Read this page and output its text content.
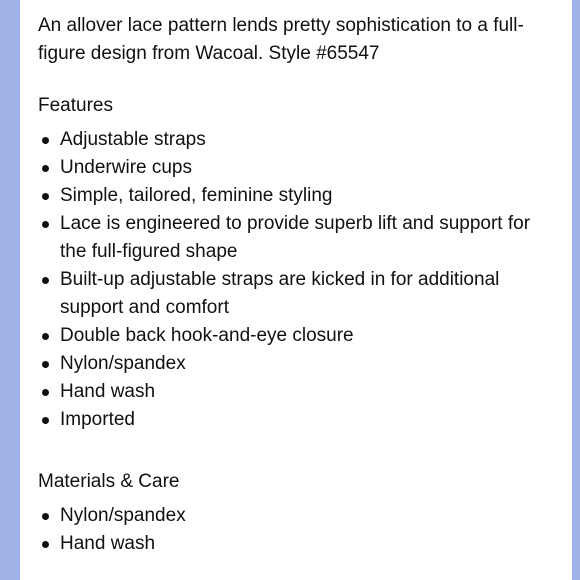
An allover lace pattern lends pretty sophistication to a full-figure design from Wacoal. Style #65547

Features
Adjustable straps
Underwire cups
Simple, tailored, feminine styling
Lace is engineered to provide superb lift and support for the full-figured shape
Built-up adjustable straps are kicked in for additional support and comfort
Double back hook-and-eye closure
Nylon/spandex
Hand wash
Imported
Materials & Care
Nylon/spandex
Hand wash
